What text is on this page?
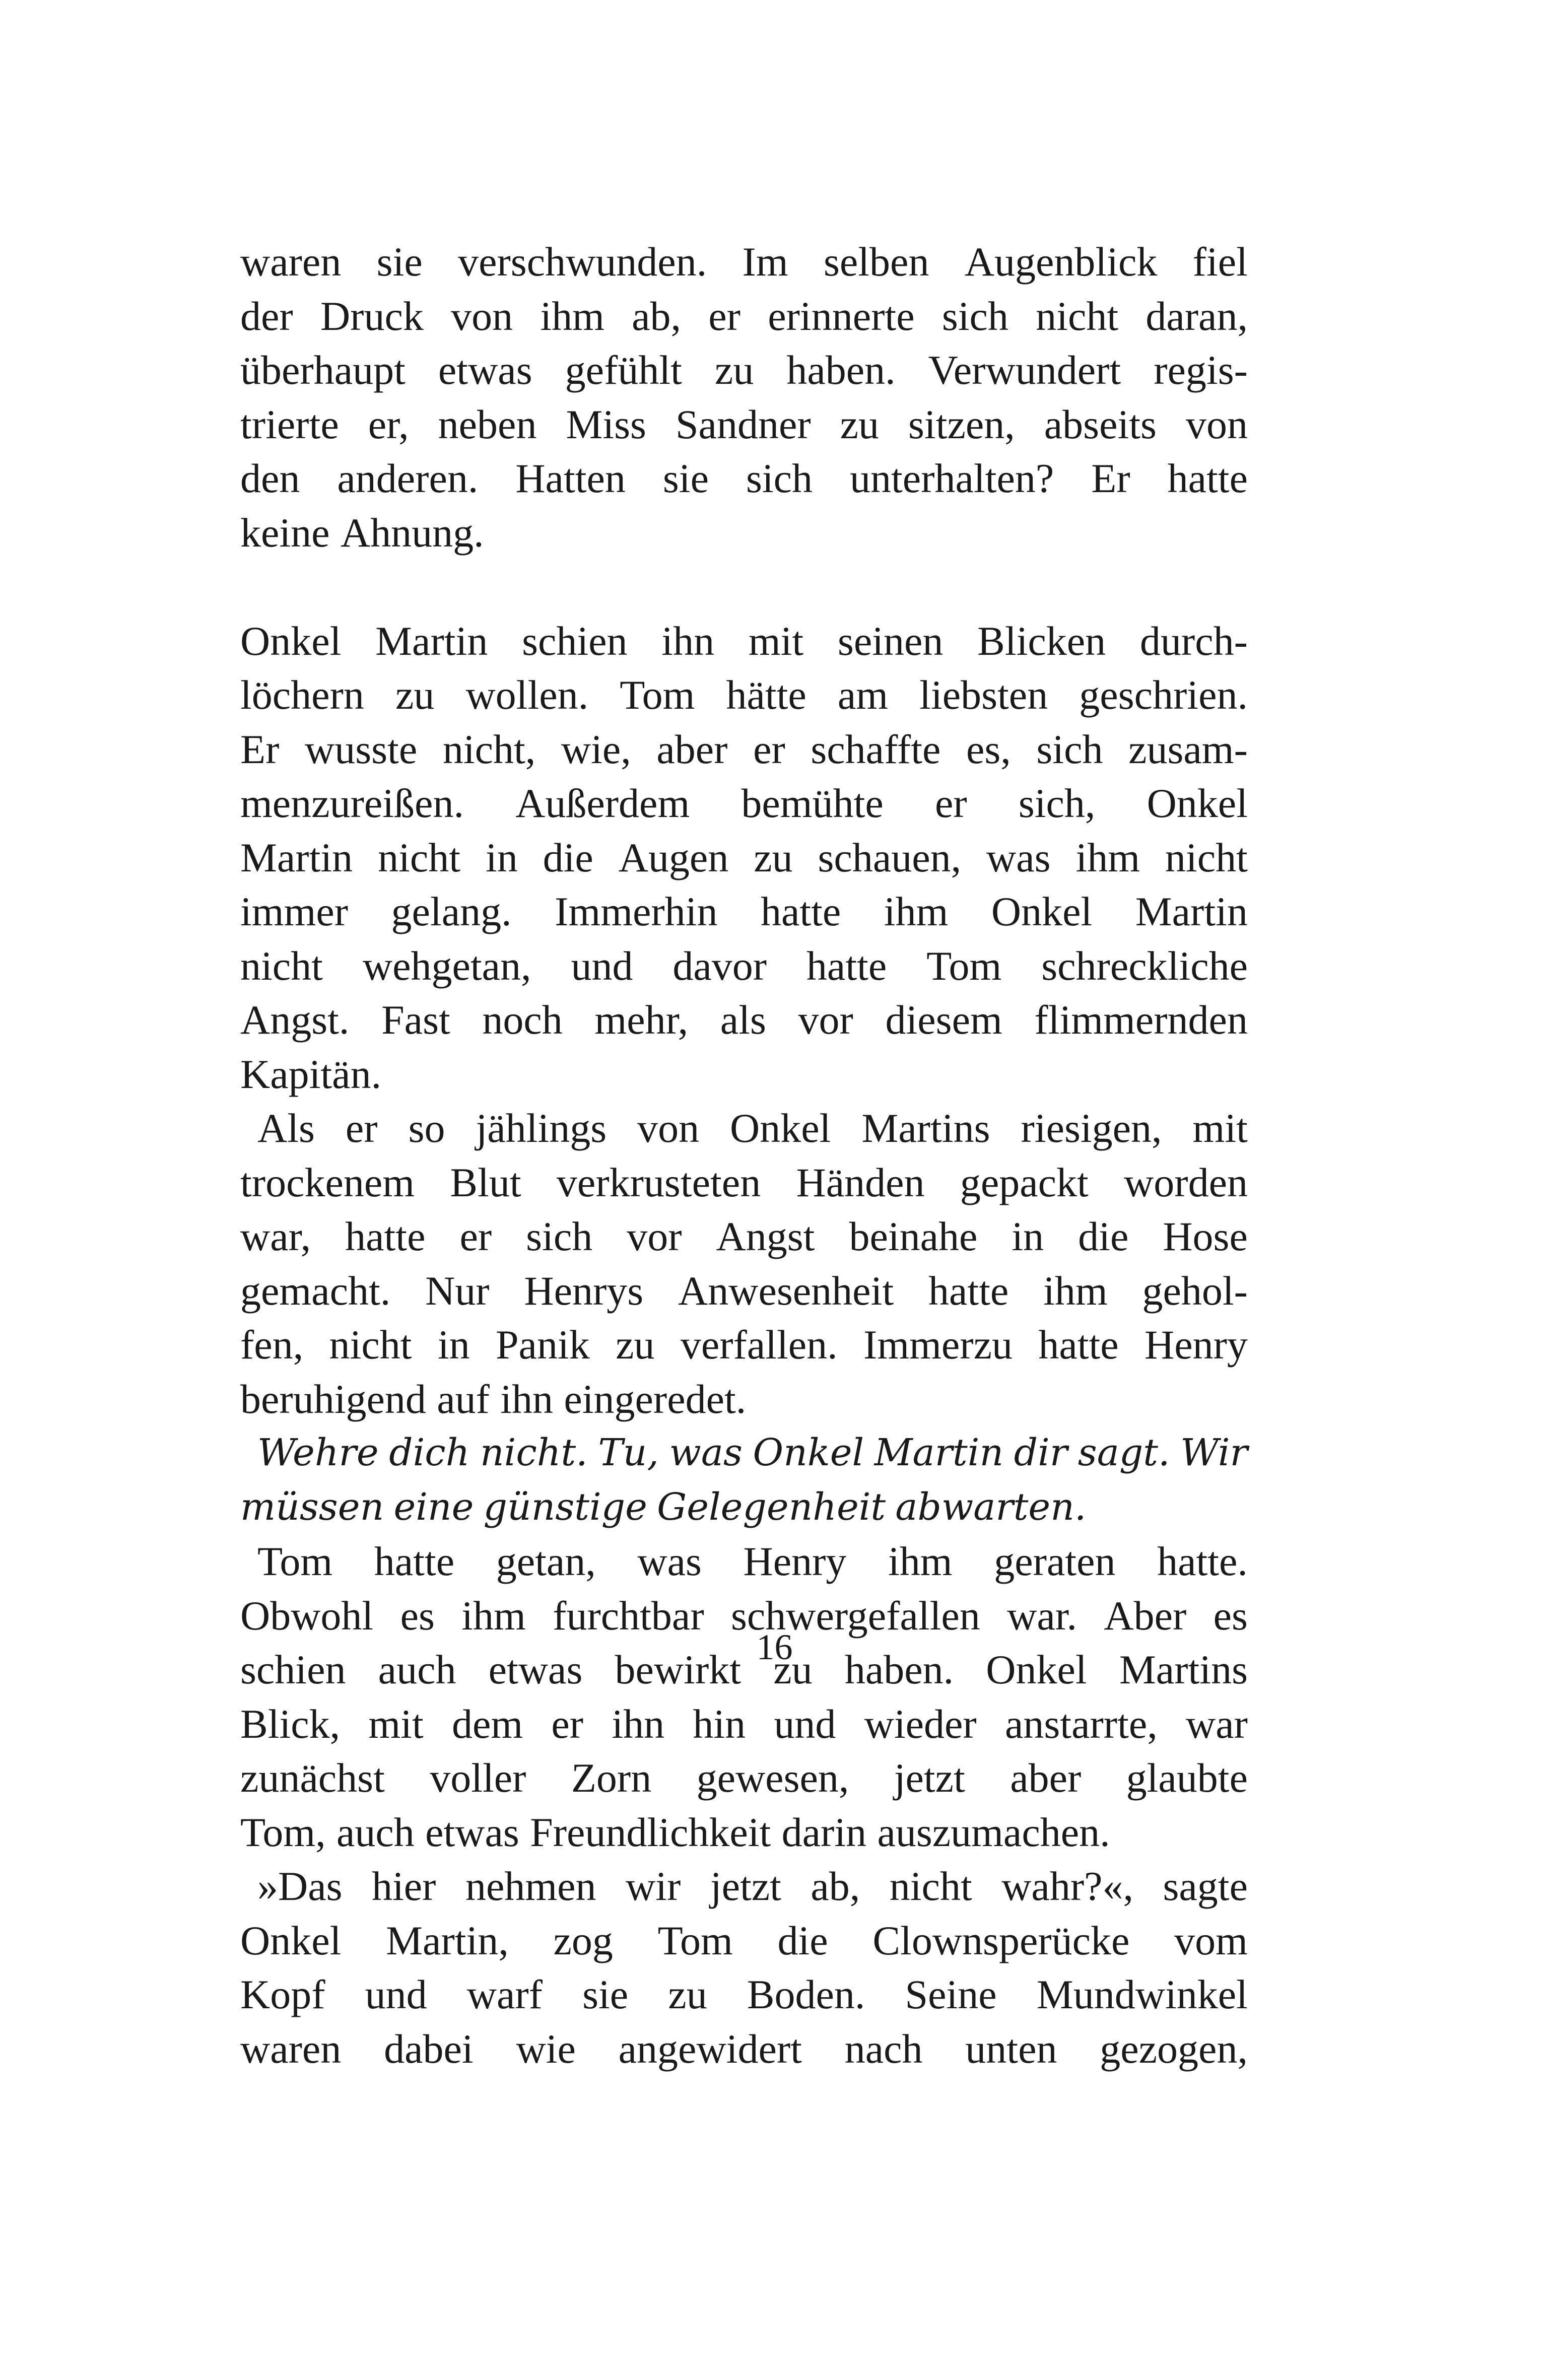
waren sie verschwunden. Im selben Augenblick fiel
der Druck von ihm ab, er erinnerte sich nicht daran,
überhaupt etwas gefühlt zu haben. Verwundert regis-
trierte er, neben Miss Sandner zu sitzen, abseits von
den anderen. Hatten sie sich unterhalten? Er hatte
keine Ahnung.
Onkel Martin schien ihn mit seinen Blicken durch-
löchern zu wollen. Tom hätte am liebsten geschrien.
Er wusste nicht, wie, aber er schaffte es, sich zusam-
menzureißen. Außerdem bemühte er sich, Onkel
Martin nicht in die Augen zu schauen, was ihm nicht
immer gelang. Immerhin hatte ihm Onkel Martin
nicht wehgetan, und davor hatte Tom schreckliche
Angst. Fast noch mehr, als vor diesem flimmernden
Kapitän.
Als er so jählings von Onkel Martins riesigen, mit
trockenem Blut verkrusteten Händen gepackt worden
war, hatte er sich vor Angst beinahe in die Hose
gemacht. Nur Henrys Anwesenheit hatte ihm gehol-
fen, nicht in Panik zu verfallen. Immerzu hatte Henry
beruhigend auf ihn eingeredet.
Wehre dich nicht. Tu, was Onkel Martin dir sagt. Wir
müssen eine günstige Gelegenheit abwarten.
Tom hatte getan, was Henry ihm geraten hatte.
Obwohl es ihm furchtbar schwergefallen war. Aber es
schien auch etwas bewirkt zu haben. Onkel Martins
Blick, mit dem er ihn hin und wieder anstarrte, war
zunächst voller Zorn gewesen, jetzt aber glaubte
Tom, auch etwas Freundlichkeit darin auszumachen.
»Das hier nehmen wir jetzt ab, nicht wahr?«, sagte
Onkel Martin, zog Tom die Clownsperücke vom
Kopf und warf sie zu Boden. Seine Mundwinkel
waren dabei wie angewidert nach unten gezogen,
16
